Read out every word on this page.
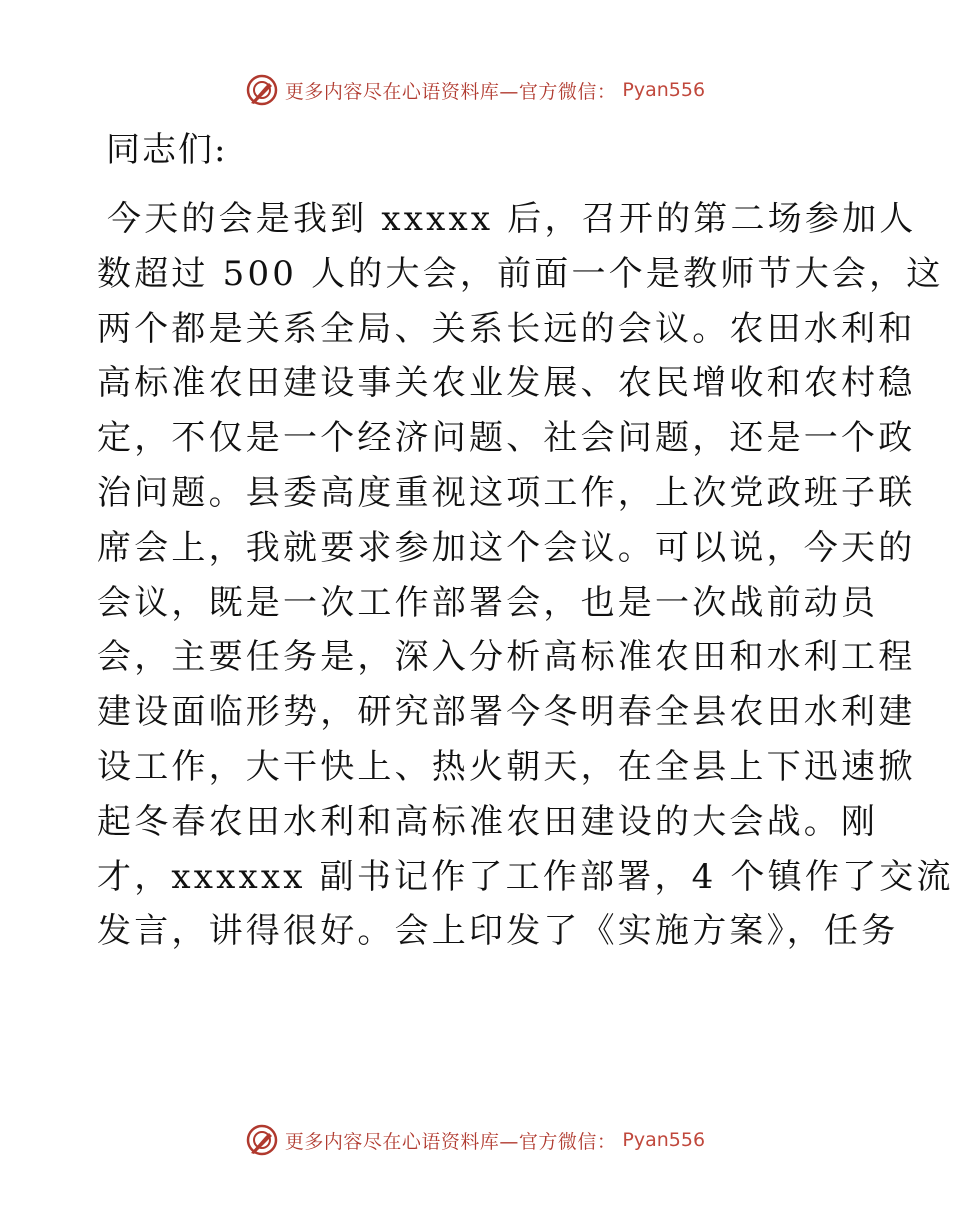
更多内容尽在心语资料库—官方微信： Pyan556
同志们:
今天的会是我到 xxxxx 后，召开的第二场参加人
数超过 500 人的大会，前面一个是教师节大会，这
两个都是关系全局、关系长远的会议。农田水利和
高标准农田建设事关农业发展、农民增收和农村稳
定，不仅是一个经济问题、社会问题，还是一个政
治问题。县委高度重视这项工作，上次党政班子联
席会上，我就要求参加这个会议。可以说，今天的
会议，既是一次工作部署会，也是一次战前动员
会，主要任务是，深入分析高标准农田和水利工程
建设面临形势，研究部署今冬明春全县农田水利建
设工作，大干快上、热火朝天，在全县上下迅速掀
起冬春农田水利和高标准农田建设的大会战。刚
才，xxxxxx 副书记作了工作部署，4 个镇作了交流
发言，讲得很好。会上印发了《实施方案》，任务
更多内容尽在心语资料库—官方微信： Pyan556
